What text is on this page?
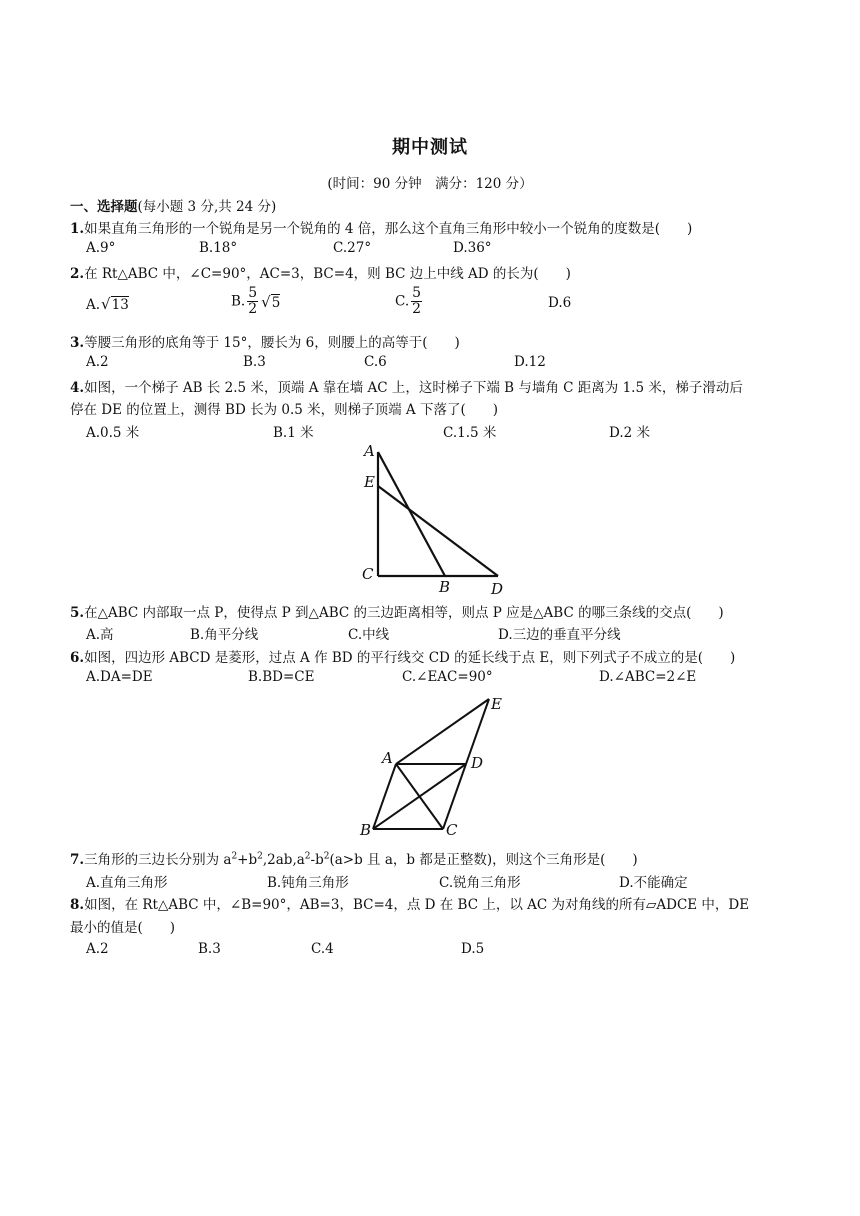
期中测试
(时间：90 分钟　满分：120 分）
一、选择题(每小题 3 分,共 24 分)
1.如果直角三角形的一个锐角是另一个锐角的 4 倍，那么这个直角三角形中较小一个锐角的度数是(　　)
A.9°	B.18°	C.27°	D.36°
2.在 Rt△ABC 中，∠C=90°，AC=3，BC=4，则 BC 边上中线 AD 的长为(　　)
A.√13	B. $\frac{5}{2} √5$	C. $\frac{5}{2}$	D.6
3.等腰三角形的底角等于 15°，腰长为 6，则腰上的高等于(　　)
A.2	B.3	C.6	D.12
4.如图，一个梯子 AB 长 2.5 米，顶端 A 靠在墙 AC 上，这时梯子下端 B 与墙角 C 距离为 1.5 米，梯子滑动后
停在 DE 的位置上，测得 BD 长为 0.5 米，则梯子顶端 A 下落了(　　)
A.0.5 米	B.1 米	C.1.5 米	D.2 米
A
E
C
B	D
5.在△ABC 内部取一点 P，使得点 P 到△ABC 的三边距离相等，则点 P 应是△ABC 的哪三条线的交点(　　)
A.高	B.角平分线	C.中线	D.三边的垂直平分线
6.如图，四边形 ABCD 是菱形，过点 A 作 BD 的平行线交 CD 的延长线于点 E，则下列式子不成立的是(　　)
A.DA=DE	B.BD=CE	C.∠EAC=90°	D.∠ABC=2∠E
A	D
B	C
E
7.三角形的三边长分别为 $a^2+b^2,2ab,a^2-b^2(a>b$ 且 a，b 都是正整数)，则这个三角形是(　　)
A.直角三角形	B.钝角三角形	C.锐角三角形	D.不能确定
8.如图，在 Rt△ABC 中，∠B=90°，AB=3，BC=4，点 D 在 BC 上，以 AC 为对角线的所有▱ADCE 中，DE
最小的值是(　　)
A.2	B.3	C.4	D.5
